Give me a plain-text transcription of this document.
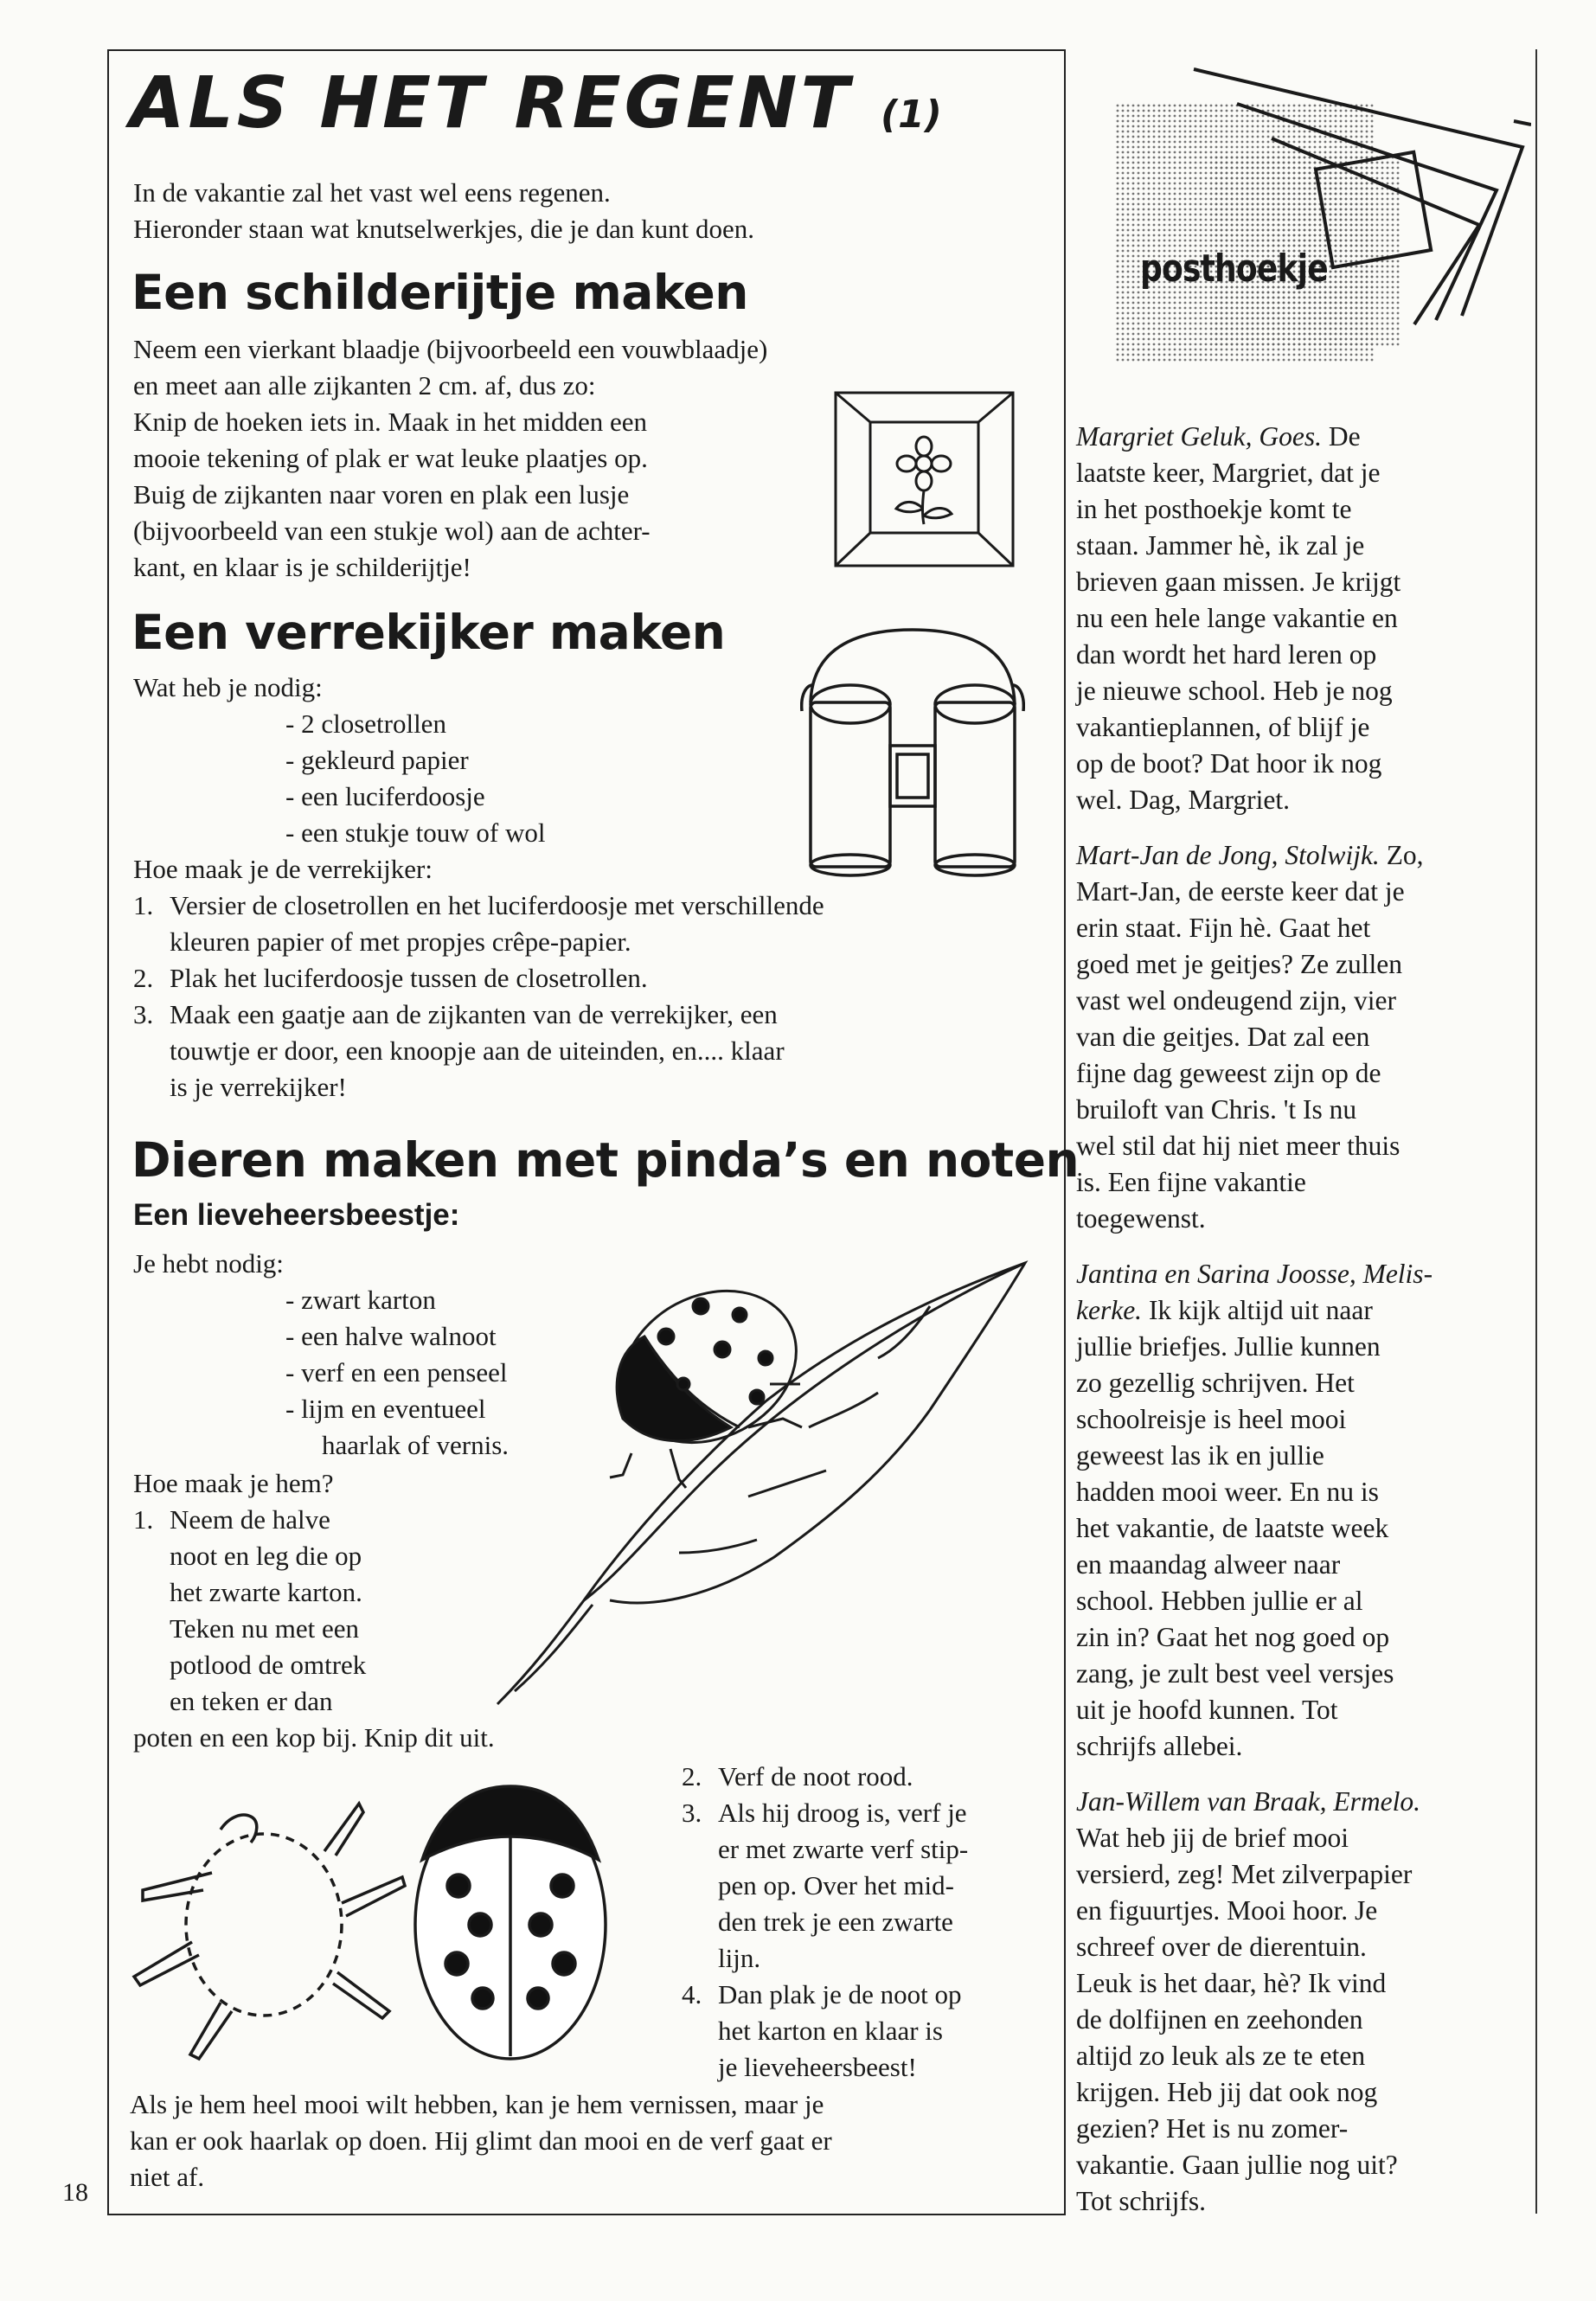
ALS HET REGENT (1)
In de vakantie zal het vast wel eens regenen.
Hieronder staan wat knutselwerkjes, die je dan kunt doen.
Een schilderijtje maken
Neem een vierkant blaadje (bijvoorbeeld een vouwblaadje)
en meet aan alle zijkanten 2 cm. af, dus zo:
Knip de hoeken iets in. Maak in het midden een
mooie tekening of plak er wat leuke plaatjes op.
Buig de zijkanten naar voren en plak een lusje
(bijvoorbeeld van een stukje wol) aan de achter-
kant, en klaar is je schilderijtje!
Een verrekijker maken
Wat heb je nodig:
- 2 closetrollen
- gekleurd papier
- een luciferdoosje
- een stukje touw of wol
Hoe maak je de verrekijker:
1. Versier de closetrollen en het luciferdoosje met verschillende
kleuren papier of met propjes crêpe-papier.
2. Plak het luciferdoosje tussen de closetrollen.
3. Maak een gaatje aan de zijkanten van de verrekijker, een
touwtje er door, een knoopje aan de uiteinden, en.... klaar
is je verrekijker!
Dieren maken met pinda’s en noten
Een lieveheersbeestje:
Je hebt nodig:
- zwart karton
- een halve walnoot
- verf en een penseel
- lijm en eventueel
haarlak of vernis.
Hoe maak je hem?
1. Neem de halve
noot en leg die op
het zwarte karton.
Teken nu met een
potlood de omtrek
en teken er dan
poten en een kop bij. Knip dit uit.
2. Verf de noot rood.
3. Als hij droog is, verf je
er met zwarte verf stip-
pen op. Over het mid-
den trek je een zwarte
lijn.
4. Dan plak je de noot op
het karton en klaar is
je lieveheersbeest!
Als je hem heel mooi wilt hebben, kan je hem vernissen, maar je
kan er ook haarlak op doen. Hij glimt dan mooi en de verf gaat er
niet af.
18
posthoekje
Margriet Geluk, Goes. De
laatste keer, Margriet, dat je
in het posthoekje komt te
staan. Jammer hè, ik zal je
brieven gaan missen. Je krijgt
nu een hele lange vakantie en
dan wordt het hard leren op
je nieuwe school. Heb je nog
vakantieplannen, of blijf je
op de boot? Dat hoor ik nog
wel. Dag, Margriet.
Mart-Jan de Jong, Stolwijk. Zo,
Mart-Jan, de eerste keer dat je
erin staat. Fijn hè. Gaat het
goed met je geitjes? Ze zullen
vast wel ondeugend zijn, vier
van die geitjes. Dat zal een
fijne dag geweest zijn op de
bruiloft van Chris. 't Is nu
wel stil dat hij niet meer thuis
is. Een fijne vakantie
toegewenst.
Jantina en Sarina Joosse, Melis-
kerke. Ik kijk altijd uit naar
jullie briefjes. Jullie kunnen
zo gezellig schrijven. Het
schoolreisje is heel mooi
geweest las ik en jullie
hadden mooi weer. En nu is
het vakantie, de laatste week
en maandag alweer naar
school. Hebben jullie er al
zin in? Gaat het nog goed op
zang, je zult best veel versjes
uit je hoofd kunnen. Tot
schrijfs allebei.
Jan-Willem van Braak, Ermelo.
Wat heb jij de brief mooi
versierd, zeg! Met zilverpapier
en figuurtjes. Mooi hoor. Je
schreef over de dierentuin.
Leuk is het daar, hè? Ik vind
de dolfijnen en zeehonden
altijd zo leuk als ze te eten
krijgen. Heb jij dat ook nog
gezien? Het is nu zomer-
vakantie. Gaan jullie nog uit?
Tot schrijfs.
